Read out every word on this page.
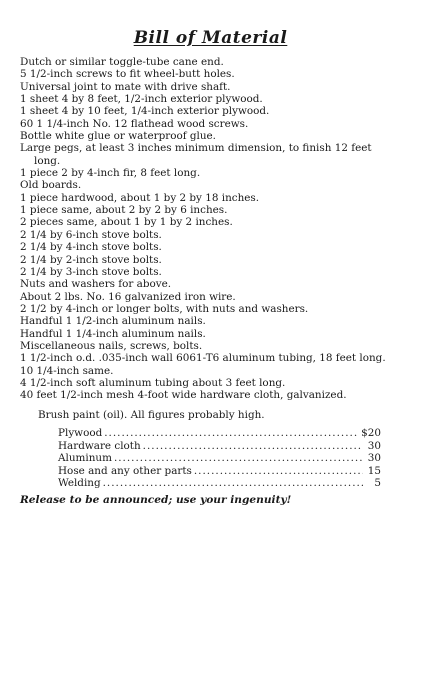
Bill of Material

Dutch or similar toggle-tube cane end.

5 1/2-inch screws to fit wheel-butt holes.

Universal joint to mate with drive shaft.

1 sheet 4 by 8 feet, 1/2-inch exterior plywood.

1 sheet 4 by 10 feet, 1/4-inch exterior plywood.

60 1 1/4-inch No. 12 flathead wood screws.

Bottle white glue or waterproof glue.

Large pegs, at least 3 inches minimum dimension, to finish 12 feet long.

1 piece 2 by 4-inch fir, 8 feet long.

Old boards.

1 piece hardwood, about 1 by 2 by 18 inches.

1 piece same, about 2 by 2 by 6 inches.

2 pieces same, about 1 by 1 by 2 inches.

2 1/4 by 6-inch stove bolts.

2 1/4 by 4-inch stove bolts.

2 1/4 by 2-inch stove bolts.

2 1/4 by 3-inch stove bolts.

Nuts and washers for above.

About 2 lbs. No. 16 galvanized iron wire.

2 1/2 by 4-inch or longer bolts, with nuts and washers.

Handful 1 1/2-inch aluminum nails.

Handful 1 1/4-inch aluminum nails.

Miscellaneous nails, screws, bolts.

1 1/2-inch o.d. .035-inch wall 6061-T6 aluminum tubing, 18 feet long.

10 1/4-inch same.

4 1/2-inch soft aluminum tubing about 3 feet long.

40 feet 1/2-inch mesh 4-foot wide hardware cloth, galvanized.

Brush paint (oil). All figures probably high.

Plywood .....	$20
Hardware cloth .....	30
Aluminum .....	30
Hose and any other parts .....	15
Welding .....	5

Release to be announced; use your ingenuity!
